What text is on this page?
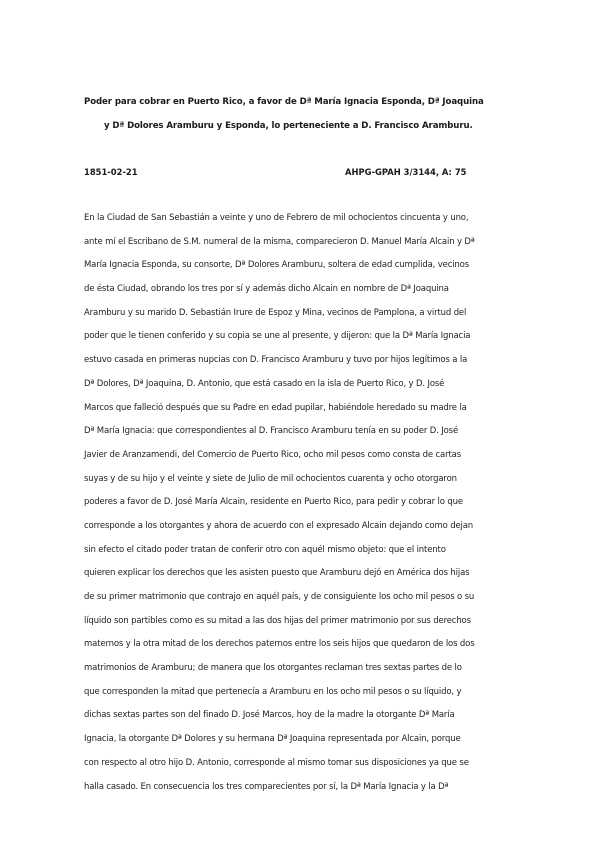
Poder para cobrar en Puerto Rico, a favor de Dª María Ignacia Esponda, Dª Joaquina
y Dª Dolores Aramburu y Esponda, lo perteneciente a D. Francisco Aramburu.
1851-02-21	AHPG-GPAH 3/3144, A: 75
En la Ciudad de San Sebastián a veinte y uno de Febrero de mil ochocientos cincuenta y uno,
ante mí el Escribano de S.M. numeral de la misma, comparecieron D. Manuel María Alcain y Dª
María Ignacia Esponda, su consorte, Dª Dolores Aramburu, soltera de edad cumplida, vecinos
de ésta Ciudad, obrando los tres por sí y además dicho Alcain en nombre de Dª Joaquina
Aramburu y su marido D. Sebastián Irure de Espoz y Mina, vecinos de Pamplona, a virtud del
poder que le tienen conferido y su copia se une al presente, y dijeron: que la Dª María Ignacia
estuvo casada en primeras nupcias con D. Francisco Aramburu y tuvo por hijos legítimos a la
Dª Dolores, Dª Joaquina, D. Antonio, que está casado en la isla de Puerto Rico, y D. José
Marcos que falleció después que su Padre en edad pupilar, habiéndole heredado su madre la
Dª María Ignacia: que correspondientes al D. Francisco Aramburu tenía en su poder D. José
Javier de Aranzamendi, del Comercio de Puerto Rico, ocho mil pesos como consta de cartas
suyas y de su hijo y el veinte y siete de Julio de mil ochocientos cuarenta y ocho otorgaron
poderes a favor de D. José María Alcain, residente en Puerto Rico, para pedir y cobrar lo que
corresponde a los otorgantes y ahora de acuerdo con el expresado Alcain dejando como dejan
sin efecto el citado poder tratan de conferir otro con aquél mismo objeto: que el intento
quieren explicar los derechos que les asisten puesto que Aramburu dejó en América dos hijas
de su primer matrimonio que contrajo en aquél país, y de consiguiente los ocho mil pesos o su
líquido son partibles como es su mitad a las dos hijas del primer matrimonio por sus derechos
maternos y la otra mitad de los derechos paternos entre los seis hijos que quedaron de los dos
matrimonios de Aramburu; de manera que los otorgantes reclaman tres sextas partes de lo
que corresponden la mitad que pertenecía a Aramburu en los ocho mil pesos o su líquido, y
dichas sextas partes son del finado D. José Marcos, hoy de la madre la otorgante Dª María
Ignacia, la otorgante Dª Dolores y su hermana Dª Joaquina representada por Alcain, porque
con respecto al otro hijo D. Antonio, corresponde al mismo tomar sus disposiciones ya que se
halla casado. En consecuencia los tres comparecientes por sí, la Dª María Ignacia y la Dª
